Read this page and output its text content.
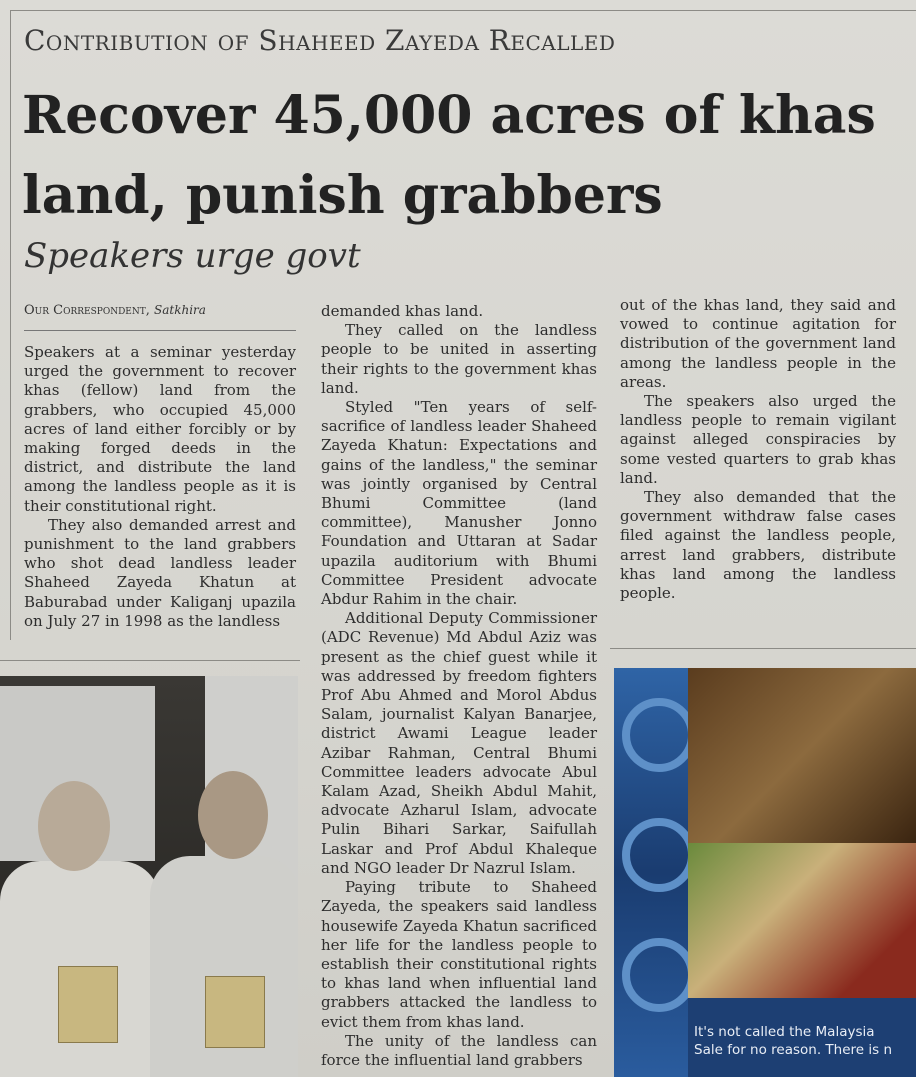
Contribution of Shaheed Zayeda Recalled
Recover 45,000 acres of khas land, punish grabbers
Speakers urge govt
Our Correspondent, Satkhira

Speakers at a seminar yesterday urged the government to recover khas (fellow) land from the grabbers, who occupied 45,000 acres of land either forcibly or by making forged deeds in the district, and distribute the land among the landless people as it is their constitutional right.

They also demanded arrest and punishment to the land grabbers who shot dead landless leader Shaheed Zayeda Khatun at Baburabad under Kaliganj upazila on July 27 in 1998 as the landless

demanded khas land.

They called on the landless people to be united in asserting their rights to the government khas land.

Styled "Ten years of self-sacrifice of landless leader Shaheed Zayeda Khatun: Expectations and gains of the landless," the seminar was jointly organised by Central Bhumi Committee (land committee), Manusher Jonno Foundation and Uttaran at Sadar upazila auditorium with Bhumi Committee President advocate Abdur Rahim in the chair.

Additional Deputy Commissioner (ADC Revenue) Md Abdul Aziz was present as the chief guest while it was addressed by freedom fighters Prof Abu Ahmed and Morol Abdus Salam, journalist Kalyan Banarjee, district Awami League leader Azibar Rahman, Central Bhumi Committee leaders advocate Abul Kalam Azad, Sheikh Abdul Mahit, advocate Azharul Islam, advocate Pulin Bihari Sarkar, Saifullah Laskar and Prof Abdul Khaleque and NGO leader Dr Nazrul Islam.

Paying tribute to Shaheed Zayeda, the speakers said landless housewife Zayeda Khatun sacrificed her life for the landless people to establish their constitutional rights to khas land when influential land grabbers attacked the landless to evict them from khas land.

The unity of the landless can force the influential land grabbers

out of the khas land, they said and vowed to continue agitation for distribution of the government land among the landless people in the areas.

The speakers also urged the landless people to remain vigilant against alleged conspiracies by some vested quarters to grab khas land.

They also demanded that the government withdraw false cases filed against the landless people, arrest land grabbers, distribute khas land among the landless people.

It's not called the Malaysia
Sale for no reason. There is n
